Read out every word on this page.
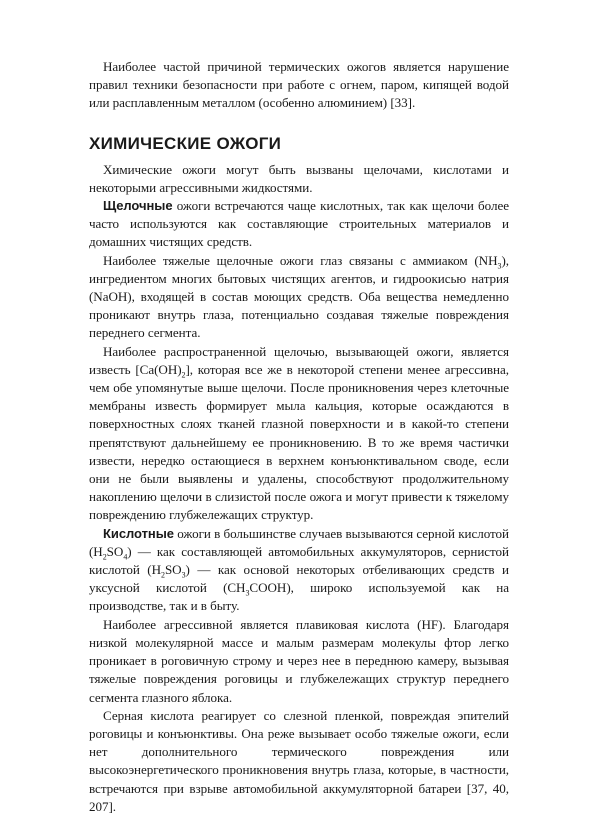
Наиболее частой причиной термических ожогов является нарушение правил техники безопасности при работе с огнем, паром, кипящей водой или расплавленным металлом (особенно алюминием) [33].

ХИМИЧЕСКИЕ ОЖОГИ

Химические ожоги могут быть вызваны щелочами, кислотами и некоторыми агрессивными жидкостями.

Щелочные ожоги встречаются чаще кислотных, так как щелочи более часто используются как составляющие строительных материалов и домашних чистящих средств.

Наиболее тяжелые щелочные ожоги глаз связаны с аммиаком $(NH_3)$, ингредиентом многих бытовых чистящих агентов, и гидроокисью натрия (NaOH), входящей в состав моющих средств. Оба вещества немедленно проникают внутрь глаза, потенциально создавая тяжелые повреждения переднего сегмента.

Наиболее распространенной щелочью, вызывающей ожоги, является известь $[Ca(OH)_2]$, которая все же в некоторой степени менее агрессивна, чем обе упомянутые выше щелочи. После проникновения через клеточные мембраны известь формирует мыла кальция, которые осаждаются в поверхностных слоях тканей глазной поверхности и в какой-то степени препятствуют дальнейшему ее проникновению. В то же время частички извести, нередко остающиеся в верхнем конъюнктивальном своде, если они не были выявлены и удалены, способствуют продолжительному накоплению щелочи в слизистой после ожога и могут привести к тяжелому повреждению глубжележащих структур.

Кислотные ожоги в большинстве случаев вызываются серной кислотой $(H_2SO_4)$ — как составляющей автомобильных аккумуляторов, сернистой кислотой $(H_2SO_3)$ — как основой некоторых отбеливающих средств и уксусной кислотой $(CH_3COOH)$, широко используемой как на производстве, так и в быту.

Наиболее агрессивной является плавиковая кислота (HF). Благодаря низкой молекулярной массе и малым размерам молекулы фтор легко проникает в роговичную строму и через нее в переднюю камеру, вызывая тяжелые повреждения роговицы и глубжележащих структур переднего сегмента глазного яблока.

Серная кислота реагирует со слезной пленкой, повреждая эпителий роговицы и конъюнктивы. Она реже вызывает особо тяжелые ожоги, если нет дополнительного термического повреждения или высокоэнергетического проникновения внутрь глаза, которые, в частности, встречаются при взрыве автомобильной аккумуляторной батареи [37, 40, 207].
